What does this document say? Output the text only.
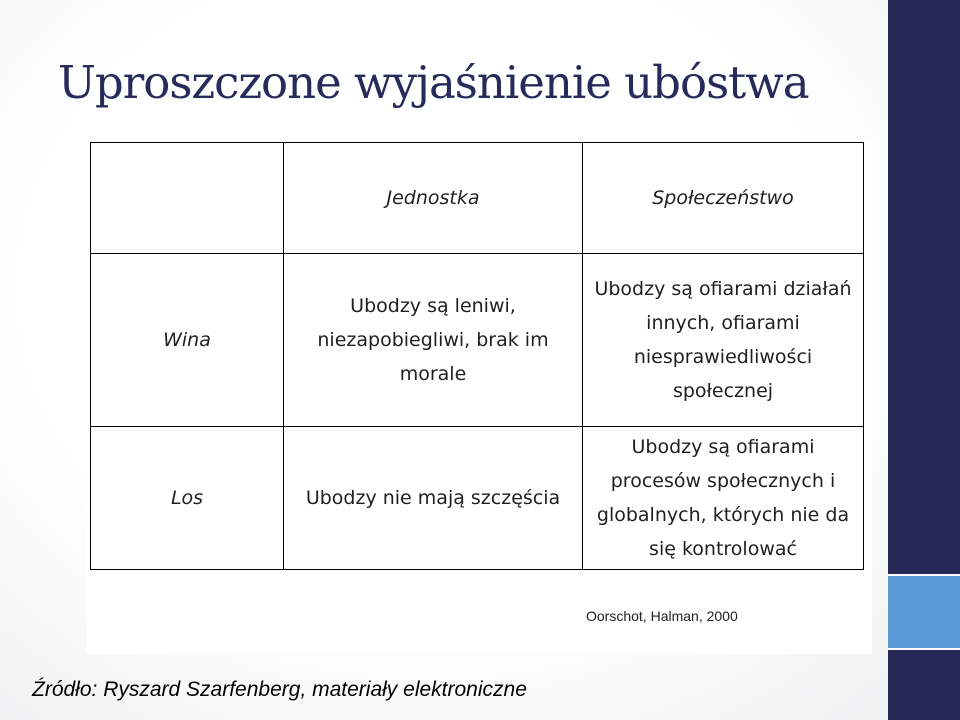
Uproszczone wyjaśnienie ubóstwa
	Jednostka	Społeczeństwo
Wina	Ubodzy są leniwi, niezapobiegliwi, brak im morale	Ubodzy są ofiarami działań innych, ofiarami niesprawiedliwości społecznej
Los	Ubodzy nie mają szczęścia	Ubodzy są ofiarami procesów społecznych i globalnych, których nie da się kontrolować
Oorschot, Halman, 2000
Źródło: Ryszard Szarfenberg, materiały elektroniczne
